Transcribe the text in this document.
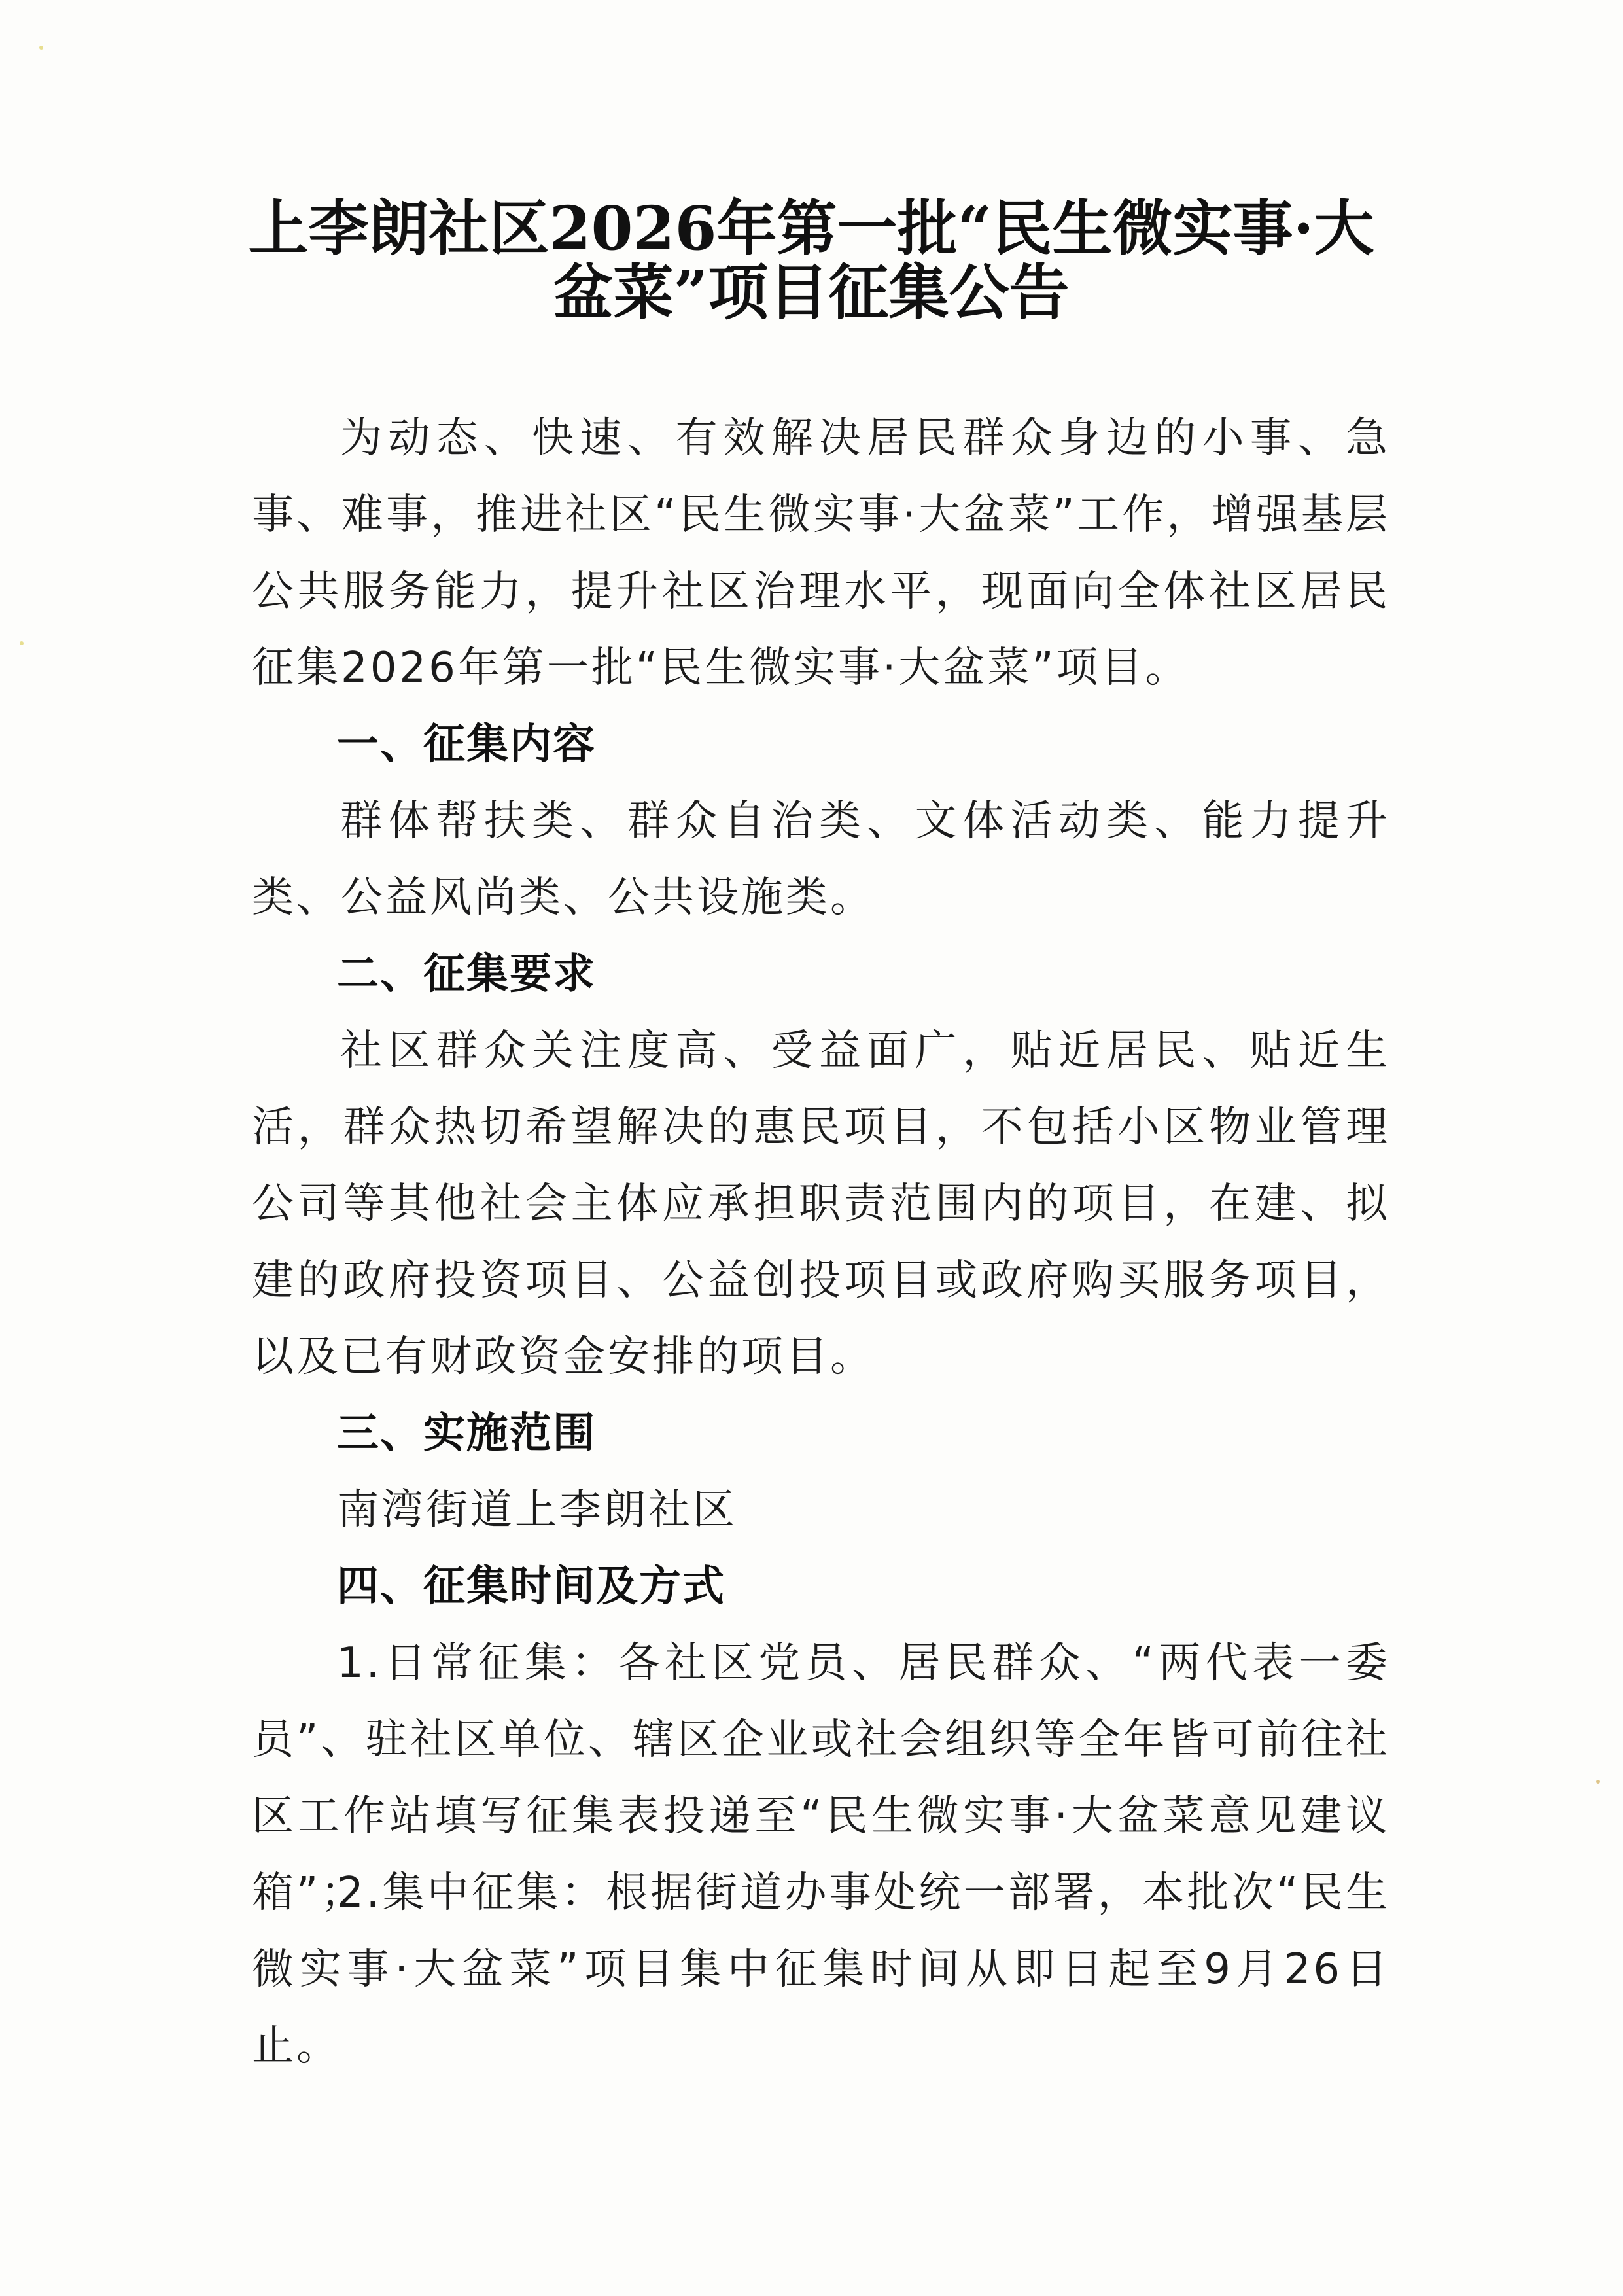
上李朗社区2026年第一批“民生微实事·大
盆菜”项目征集公告

为动态、快速、有效解决居民群众身边的小事、急事、难事，推进社区“民生微实事·大盆菜”工作，增强基层公共服务能力，提升社区治理水平，现面向全体社区居民征集2026年第一批“民生微实事·大盆菜”项目。

一、征集内容

群体帮扶类、群众自治类、文体活动类、能力提升类、公益风尚类、公共设施类。

二、征集要求

社区群众关注度高、受益面广，贴近居民、贴近生活，群众热切希望解决的惠民项目，不包括小区物业管理公司等其他社会主体应承担职责范围内的项目，在建、拟建的政府投资项目、公益创投项目或政府购买服务项目，以及已有财政资金安排的项目。

三、实施范围

南湾街道上李朗社区

四、征集时间及方式

1.日常征集：各社区党员、居民群众、“两代表一委员”、驻社区单位、辖区企业或社会组织等全年皆可前往社区工作站填写征集表投递至“民生微实事·大盆菜意见建议箱”；

2.集中征集：根据街道办事处统一部署，本批次“民生微实事·大盆菜”项目集中征集时间从即日起至9月26日止。
